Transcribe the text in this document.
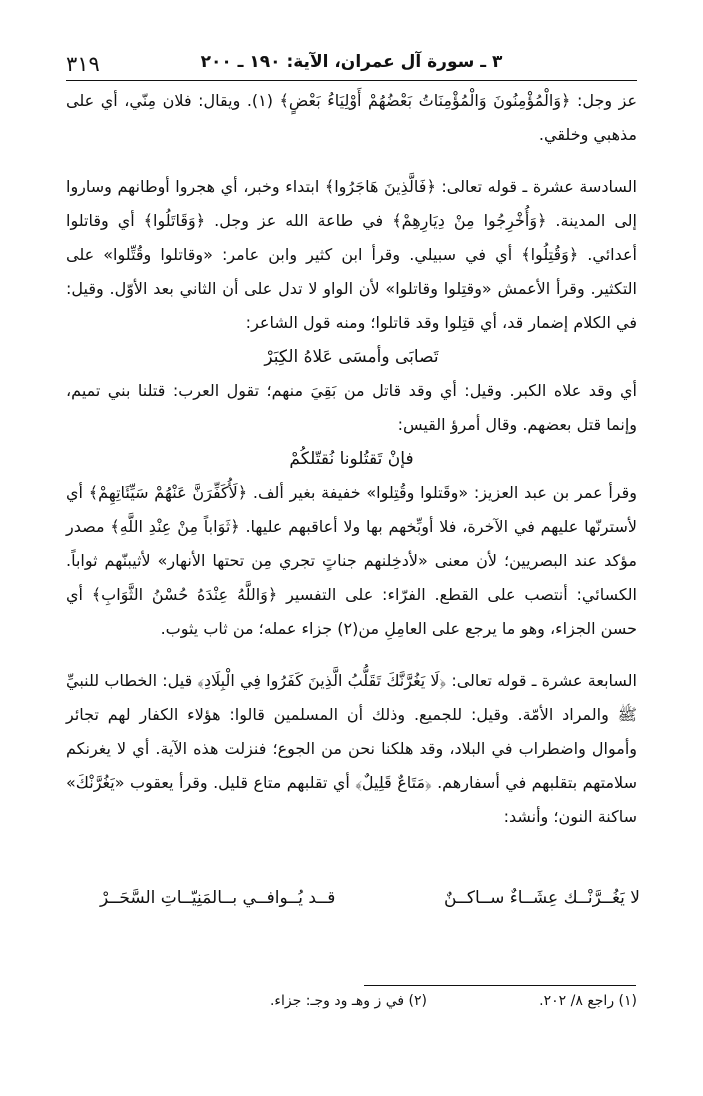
٣١٩	٣ ـ سورة آل عمران، الآية: ١٩٠ ـ ٢٠٠

عز وجل: ﴿وَالْمُؤْمِنُونَ وَالْمُؤْمِنَاتُ بَعْضُهُمْ أَوْلِيَاءُ بَعْضٍ﴾ (١). ويقال: فلان مِنّي، أي على مذهبي وخلقي.

السادسة عشرة ـ قوله تعالى: ﴿فَالَّذِينَ هَاجَرُوا﴾ ابتداء وخبر، أي هجروا أوطانهم وساروا إلى المدينة. ﴿وَأُخْرِجُوا مِنْ دِيَارِهِمْ﴾ في طاعة الله عز وجل. ﴿وَقَاتَلُوا﴾ أي وقاتلوا أعدائي. ﴿وَقُتِلُوا﴾ أي في سبيلي. وقرأ ابن كثير وابن عامر: «وقاتلوا وقُتِّلوا» على التكثير. وقرأ الأعمش «وقتِلوا وقاتلوا» لأن الواو لا تدل على أن الثاني بعد الأوّل. وقيل: في الكلام إضمار قد، أي قتِلوا وقد قاتلوا؛ ومنه قول الشاعر:

تَصابَى وأمسَى عَلاهُ الكِبَرْ

أي وقد علاه الكبر. وقيل: أي وقد قاتل من بَقِيَ منهم؛ تقول العرب: قتلنا بني تميم، وإنما قتل بعضهم. وقال أمرؤ القيس:

فإنْ تَقتُلونا نُقتّلكُمْ

وقرأ عمر بن عبد العزيز: «وقَتلوا وقُتِلوا» خفيفة بغير ألف. ﴿لَأُكَفِّرَنَّ عَنْهُمْ سَيِّئَاتِهِمْ﴾ أي لأسترنّها عليهم في الآخرة، فلا أوبِّخهم بها ولا أعاقبهم عليها. ﴿ثَوَاباً مِنْ عِنْدِ اللَّهِ﴾ مصدر مؤكد عند البصريين؛ لأن معنى «لأدخِلنهم جناتٍ تجري مِن تحتها الأنهار» لأثيبنّهم ثواباً. الكسائي: أنتصب على القطع. الفرّاء: على التفسير ﴿وَاللَّهُ عِنْدَهُ حُسْنُ الثَّوَابِ﴾ أي حسن الجزاء، وهو ما يرجع على العامِلِ من(٢) جزاء عمله؛ من ثاب يثوب.

السابعة عشرة ـ قوله تعالى: ﴿لَا يَغُرَّنَّكَ تَقَلُّبُ الَّذِينَ كَفَرُوا فِي الْبِلَادِ﴾ قيل: الخطاب للنبيِّ ﷺ والمراد الأمّة. وقيل: للجميع. وذلك أن المسلمين قالوا: هؤلاء الكفار لهم تجائر وأموال واضطراب في البلاد، وقد هلكنا نحن من الجوع؛ فنزلت هذه الآية. أي لا يغرنكم سلامتهم بتقلبهم في أسفارهم. ﴿مَتَاعٌ قَلِيلٌ﴾ أي تقلبهم متاع قليل. وقرأ يعقوب «يَغُرَّنْكَ» ساكنة النون؛ وأنشد:

لا يَغُــرَّنْــك عِشَــاءٌ ســاكــنٌ
قــد يُــوافــي بــالمَنِيّــاتِ السَّحَــرْ
(١) راجع ٨/ ٢٠٢.
(٢) في ز وهـ ود وجـ: جزاء.
